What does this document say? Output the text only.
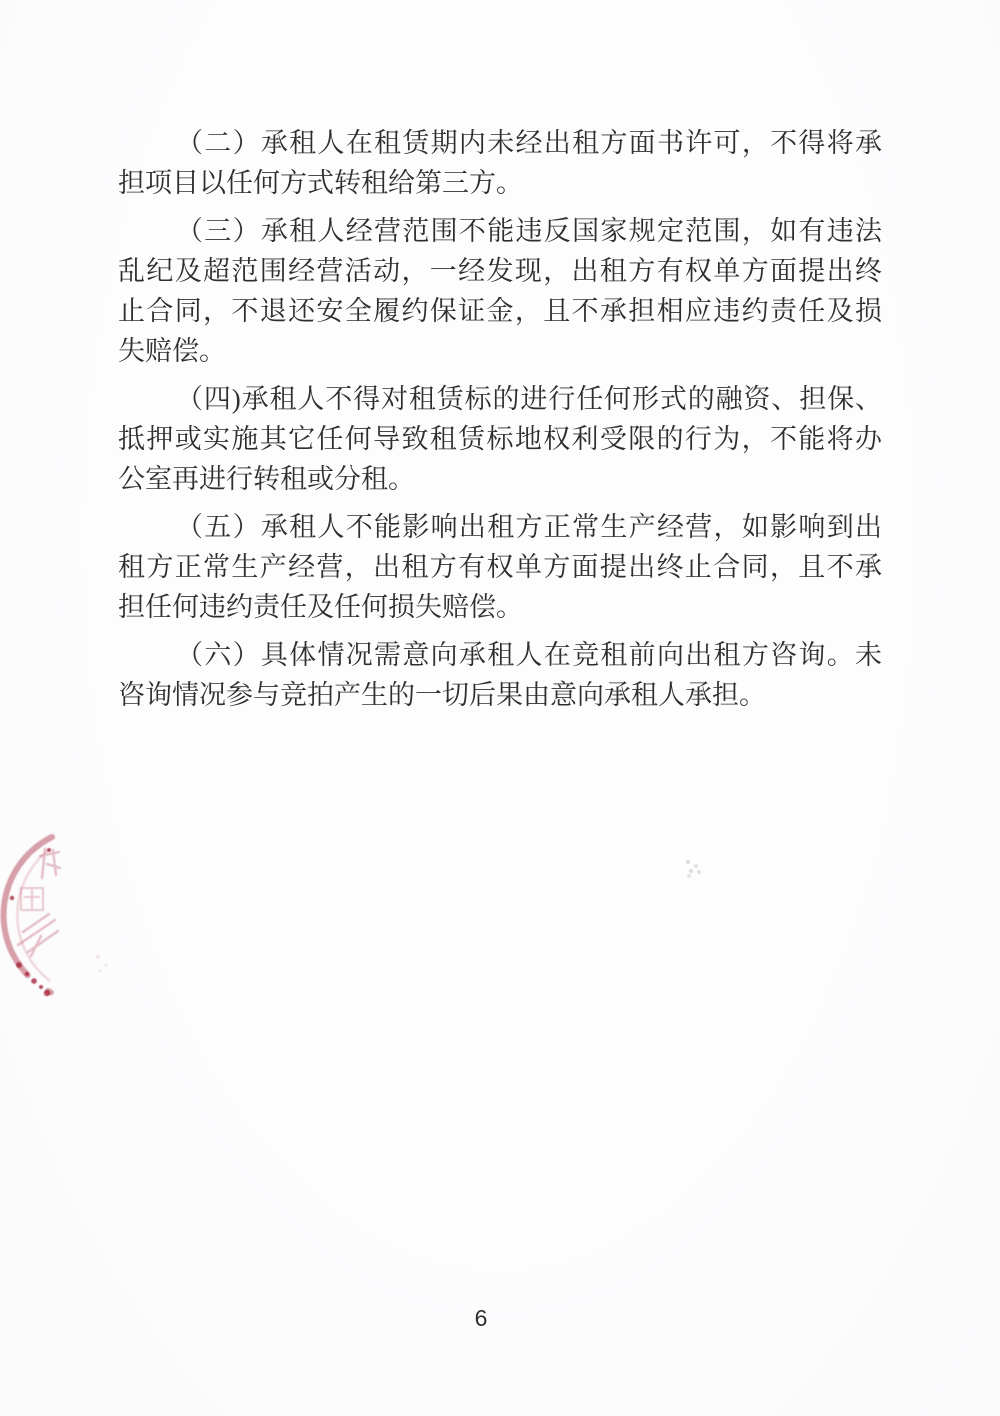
（二）承租人在租赁期内未经出租方面书许可，不得将承
担项目以任何方式转租给第三方。
（三）承租人经营范围不能违反国家规定范围，如有违法
乱纪及超范围经营活动，一经发现，出租方有权单方面提出终
止合同，不退还安全履约保证金，且不承担相应违约责任及损
失赔偿。
（四)承租人不得对租赁标的进行任何形式的融资、担保、
抵押或实施其它任何导致租赁标地权利受限的行为，不能将办
公室再进行转租或分租。
（五）承租人不能影响出租方正常生产经营，如影响到出
租方正常生产经营，出租方有权单方面提出终止合同，且不承
担任何违约责任及任何损失赔偿。
（六）具体情况需意向承租人在竞租前向出租方咨询。未
咨询情况参与竞拍产生的一切后果由意向承租人承担。
6
